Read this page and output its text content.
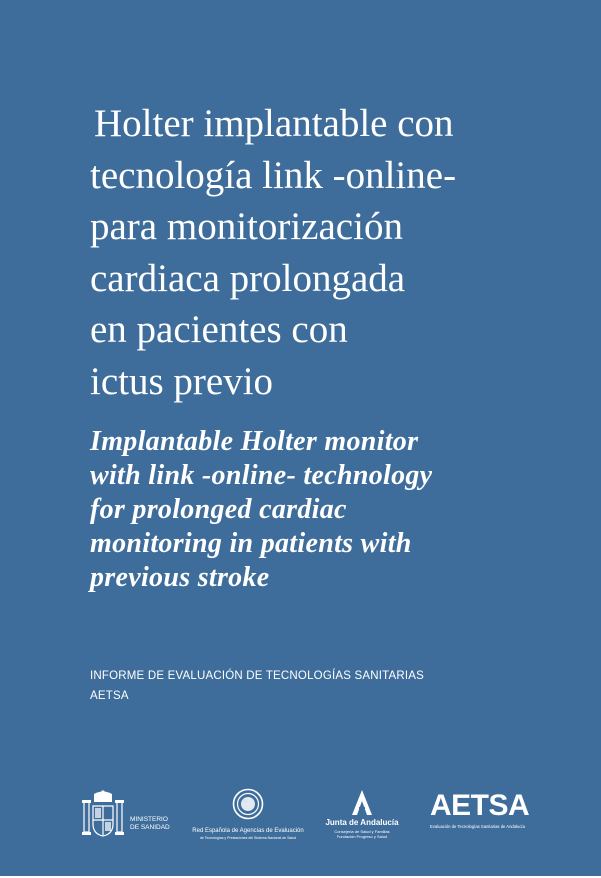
Holter implantable con
tecnología link -online-
para monitorización
cardiaca prolongada
en pacientes con
ictus previo
Implantable Holter monitor
with link -online- technology
for prolonged cardiac
monitoring in patients with
previous stroke
INFORME DE EVALUACIÓN DE TECNOLOGÍAS SANITARIAS
AETSA
MINISTERIO
DE SANIDAD	Red Española de Agencias de Evaluación
de Tecnologías y Prestaciones del Sistema Nacional de Salud
Junta de Andalucía
Consejería de Salud y Familias
Fundación Progreso y Salud
AETSA
Evaluación de Tecnologías Sanitarias de Andalucía
